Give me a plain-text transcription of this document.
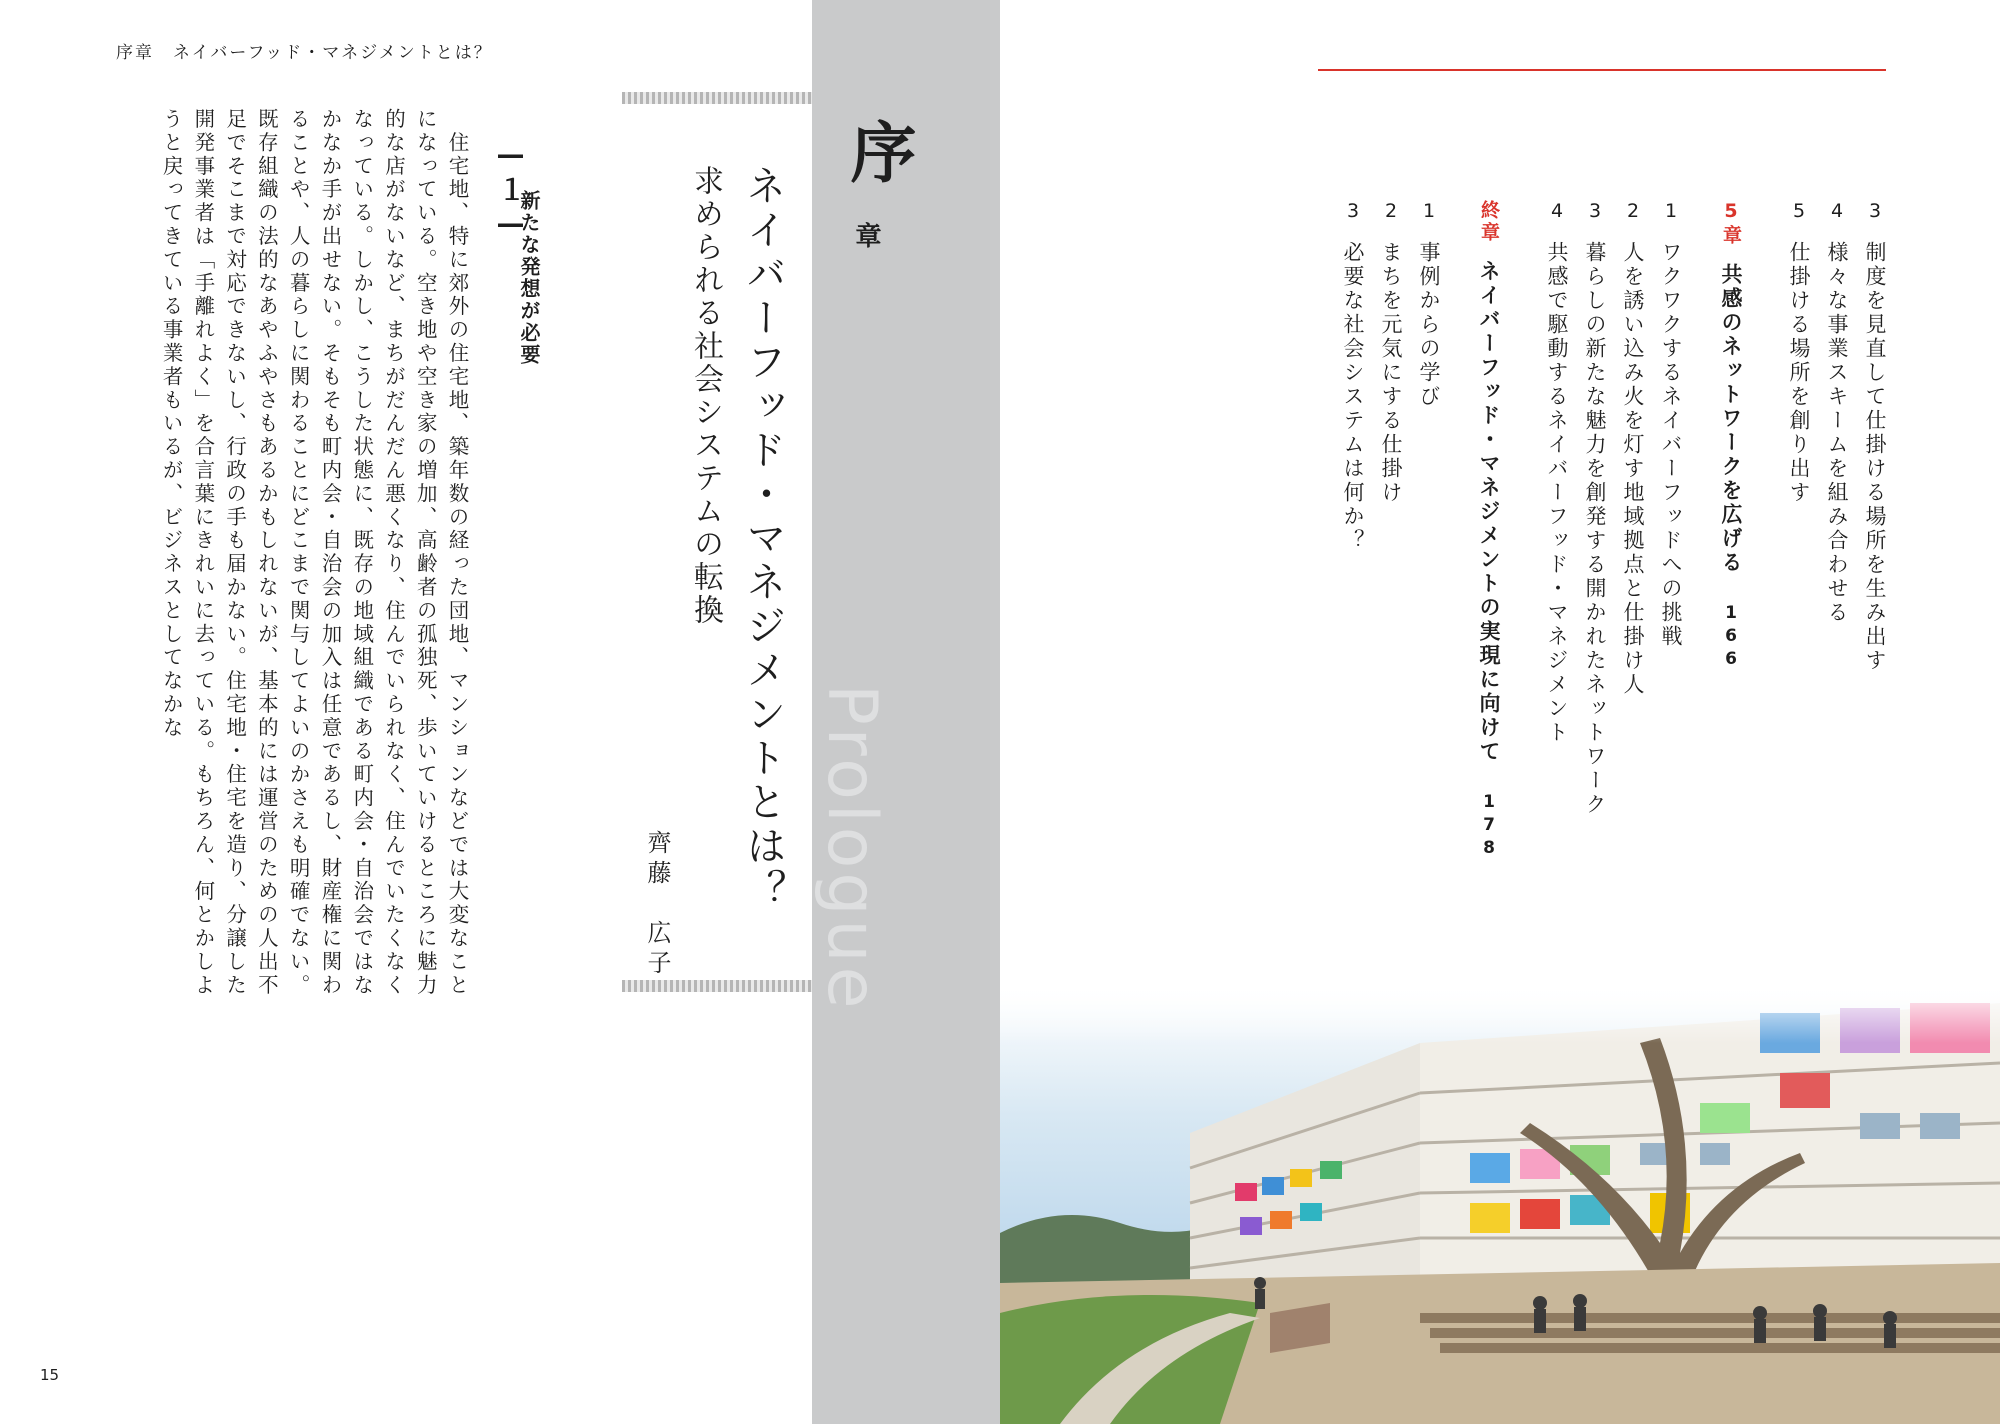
序章　ネイバーフッド・マネジメントとは？
15

　住宅地、特に郊外の住宅地、築年数の経った団地、マンションなどでは大変なことになっている。空き地や空き家の増加、高齢者の孤独死、歩いていけるところに魅力的な店がないなど、まちがだんだん悪くなり、住んでいられなく、住んでいたくなくなっている。しかし、こうした状態に、既存の地域組織である町内会・自治会ではなかなか手が出せない。そもそも町内会・自治会の加入は任意であるし、財産権に関わることや、人の暮らしに関わることにどこまで関与してよいのかさえも明確でない。既存組織の法的なあやふやさもあるかもしれないが、基本的には運営のための人出不足でそこまで対応できないし、行政の手も届かない。住宅地・住宅を造り、分譲した開発事業者は「手離れよく」を合言葉にきれいに去っている。もちろん、何とかしようと戻ってきている事業者もいるが、ビジネスとしてなかな	—１—
新たな発想が必要	ネイバーフッド・マネジメントとは？
求められる社会システムの転換
齊藤　広子 Prologue
序
章
3制度を見直して仕掛ける場所を生み出す
4様々な事業スキームを組み合わせる
5仕掛ける場所を創り出す
5章共感のネットワークを広げる166
1ワクワクするネイバーフッドへの挑戦
2人を誘い込み火を灯す地域拠点と仕掛け人
3暮らしの新たな魅力を創発する開かれたネットワーク
4共感で駆動するネイバーフッド・マネジメント
終章ネイバーフッド・マネジメントの実現に向けて178
1事例からの学び
2まちを元気にする仕掛け
3必要な社会システムは何か？
